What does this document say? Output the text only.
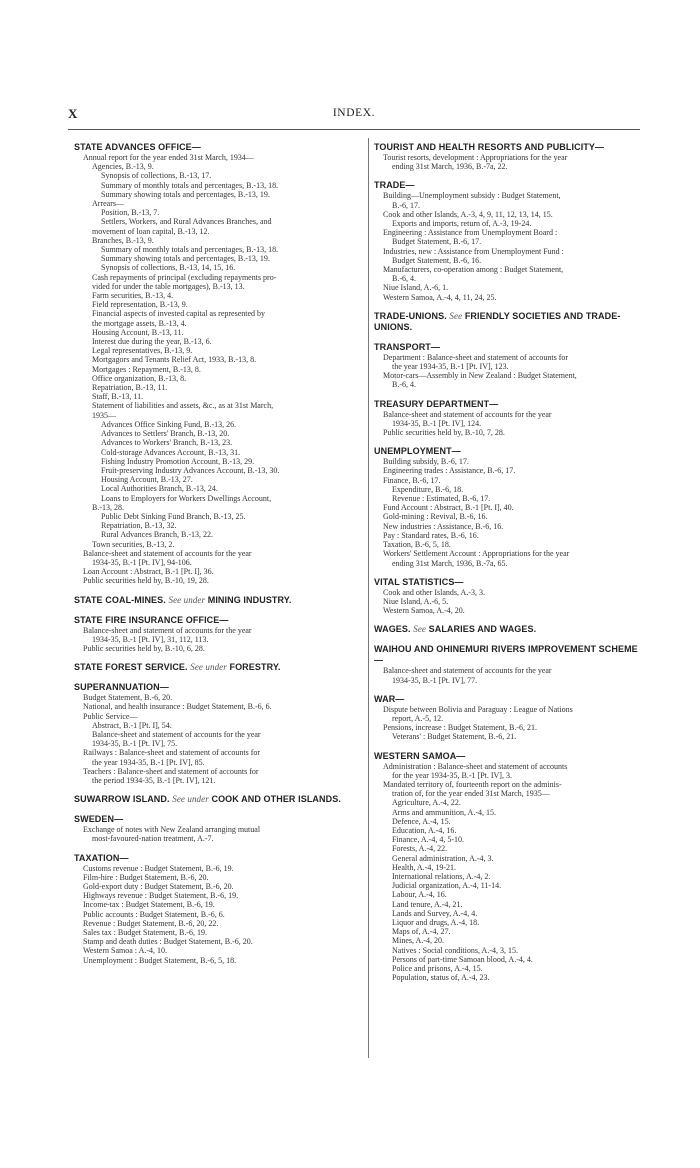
X	INDEX.
STATE ADVANCES OFFICE—
Annual report for the year ended 31st March, 1934—
Agencies, B.-13, 9.
Synopsis of collections, B.-13, 17.
Summary of monthly totals and percentages, B.-13, 18.
Summary showing totals and percentages, B.-13, 19.
Arrears—
Position, B.-13, 7.
Settlers, Workers, and Rural Advances Branches, and
movement of loan capital, B.-13, 12.
Branches, B.-13, 9.
Summary of monthly totals and percentages, B.-13, 18.
Summary showing totals and percentages, B.-13, 19.
Synopsis of collections, B.-13, 14, 15, 16.
Cash repayments of principal (excluding repayments pro-
vided for under the table mortgages), B.-13, 13.
Farm securities, B.-13, 4.
Field representation, B.-13, 9.
Financial aspects of invested capital as represented by
the mortgage assets, B.-13, 4.
Housing Account, B.-13, 11.
Interest due during the year, B.-13, 6.
Legal representatives, B.-13, 9.
Mortgagors and Tenants Relief Act, 1933, B.-13, 8.
Mortgages : Repayment, B.-13, 8.
Office organization, B.-13, 8.
Repatriation, B.-13, 11.
Staff, B.-13, 11.
Statement of liabilities and assets, &c., as at 31st March,
1935—
Advances Office Sinking Fund, B.-13, 26.
Advances to Settlers' Branch, B.-13, 20.
Advances to Workers' Branch, B.-13, 23.
Cold-storage Advances Account, B.-13, 31.
Fishing Industry Promotion Account, B.-13, 29.
Fruit-preserving Industry Advances Account, B.-13, 30.
Housing Account, B.-13, 27.
Local Authorities Branch, B.-13, 24.
Loans to Employers for Workers Dwellings Account,
B.-13, 28.
Public Debt Sinking Fund Branch, B.-13, 25.
Repatriation, B.-13, 32.
Rural Advances Branch, B.-13, 22.
Town securities, B.-13, 2.
Balance-sheet and statement of accounts for the year
1934-35, B.-1 [Pt. IV], 94-106.
Loan Account : Abstract, B.-1 [Pt. I], 36.
Public securities held by, B.-10, 19, 28.
STATE COAL-MINES. See under MINING INDUSTRY.
STATE FIRE INSURANCE OFFICE—
Balance-sheet and statement of accounts for the year
1934-35, B.-1 [Pt. IV], 31, 112, 113.
Public securities held by, B.-10, 6, 28.
STATE FOREST SERVICE. See under FORESTRY.
SUPERANNUATION—
Budget Statement, B.-6, 20.
National, and health insurance : Budget Statement, B.-6, 6.
Public Service—
Abstract, B.-1 [Pt. I], 54.
Balance-sheet and statement of accounts for the year
1934-35, B.-1 [Pt. IV], 75.
Railways : Balance-sheet and statement of accounts for
the year 1934-35, B.-1 [Pt. IV], 85.
Teachers : Balance-sheet and statement of accounts for
the period 1934-35, B.-1 [Pt. IV], 121.
SUWARROW ISLAND. See under COOK AND OTHER ISLANDS.
SWEDEN—
Exchange of notes with New Zealand arranging mutual
most-favoured-nation treatment, A.-7.
TAXATION—
Customs revenue : Budget Statement, B.-6, 19.
Film-hire : Budget Statement, B.-6, 20.
Gold-export duty : Budget Statement, B.-6, 20.
Highways revenue : Budget Statement, B.-6, 19.
Income-tax : Budget Statement, B.-6, 19.
Public accounts : Budget Statement, B.-6, 6.
Revenue : Budget Statement, B.-6, 20, 22.
Sales tax : Budget Statement, B.-6, 19.
Stamp and death duties : Budget Statement, B.-6, 20.
Western Samoa : A.-4, 10.
Unemployment : Budget Statement, B.-6, 5, 18.
TOURIST AND HEALTH RESORTS AND PUBLICITY—
Tourist resorts, development : Appropriations for the year
ending 31st March, 1936, B.-7a, 22.
TRADE—
Building—Unemployment subsidy : Budget Statement,
B.-6, 17.
Cook and other Islands, A.-3, 4, 9, 11, 12, 13, 14, 15.
Exports and imports, return of, A.-3, 19-24.
Engineering : Assistance from Unemployment Board :
Budget Statement, B.-6, 17.
Industries, new : Assistance from Unemployment Fund :
Budget Statement, B.-6, 16.
Manufacturers, co-operation among : Budget Statement,
B.-6, 4.
Niue Island, A.-6, 1.
Western Samoa, A.-4, 4, 11, 24, 25.
TRADE-UNIONS. See FRIENDLY SOCIETIES AND TRADE-UNIONS.
TRANSPORT—
Department : Balance-sheet and statement of accounts for
the year 1934-35, B.-1 [Pt. IV], 123.
Motor-cars—Assembly in New Zealand : Budget Statement,
B.-6, 4.
TREASURY DEPARTMENT—
Balance-sheet and statement of accounts for the year
1934-35, B.-1 [Pt. IV], 124.
Public securities held by, B.-10, 7, 28.
UNEMPLOYMENT—
Building subsidy, B.-6, 17.
Engineering trades : Assistance, B.-6, 17.
Finance, B.-6, 17.
Expenditure, B.-6, 18.
Revenue : Estimated, B.-6, 17.
Fund Account : Abstract, B.-1 [Pt. I], 40.
Gold-mining : Revival, B.-6, 16.
New industries : Assistance, B.-6, 16.
Pay : Standard rates, B.-6, 16.
Taxation, B.-6, 5, 18.
Workers' Settlement Account : Appropriations for the year
ending 31st March, 1936, B.-7a, 65.
VITAL STATISTICS—
Cook and other Islands, A.-3, 3.
Niue Island, A.-6, 5.
Western Samoa, A.-4, 20.
WAGES. See SALARIES AND WAGES.
WAIHOU AND OHINEMURI RIVERS IMPROVEMENT SCHEME—
Balance-sheet and statement of accounts for the year
1934-35, B.-1 [Pt. IV], 77.
WAR—
Dispute between Bolivia and Paraguay : League of Nations
report, A.-5, 12.
Pensions, increase : Budget Statement, B.-6, 21.
Veterans' : Budget Statement, B.-6, 21.
WESTERN SAMOA—
Administration : Balance-sheet and statement of accounts
for the year 1934-35, B.-1 [Pt. IV], 3.
Mandated territory of, fourteenth report on the adminis-
tration of, for the year ended 31st March, 1935—
Agriculture, A.-4, 22.
Arms and ammunition, A.-4, 15.
Defence, A.-4, 15.
Education, A.-4, 16.
Finance, A.-4, 4, 5-10.
Forests, A.-4, 22.
General administration, A.-4, 3.
Health, A.-4, 19-21.
International relations, A.-4, 2.
Judicial organization, A.-4, 11-14.
Labour, A.-4, 16.
Land tenure, A.-4, 21.
Lands and Survey, A.-4, 4.
Liquor and drugs, A.-4, 18.
Maps of, A.-4, 27.
Mines, A.-4, 20.
Natives : Social conditions, A.-4, 3, 15.
Persons of part-time Samoan blood, A.-4, 4.
Police and prisons, A.-4, 15.
Population, status of, A.-4, 23.
